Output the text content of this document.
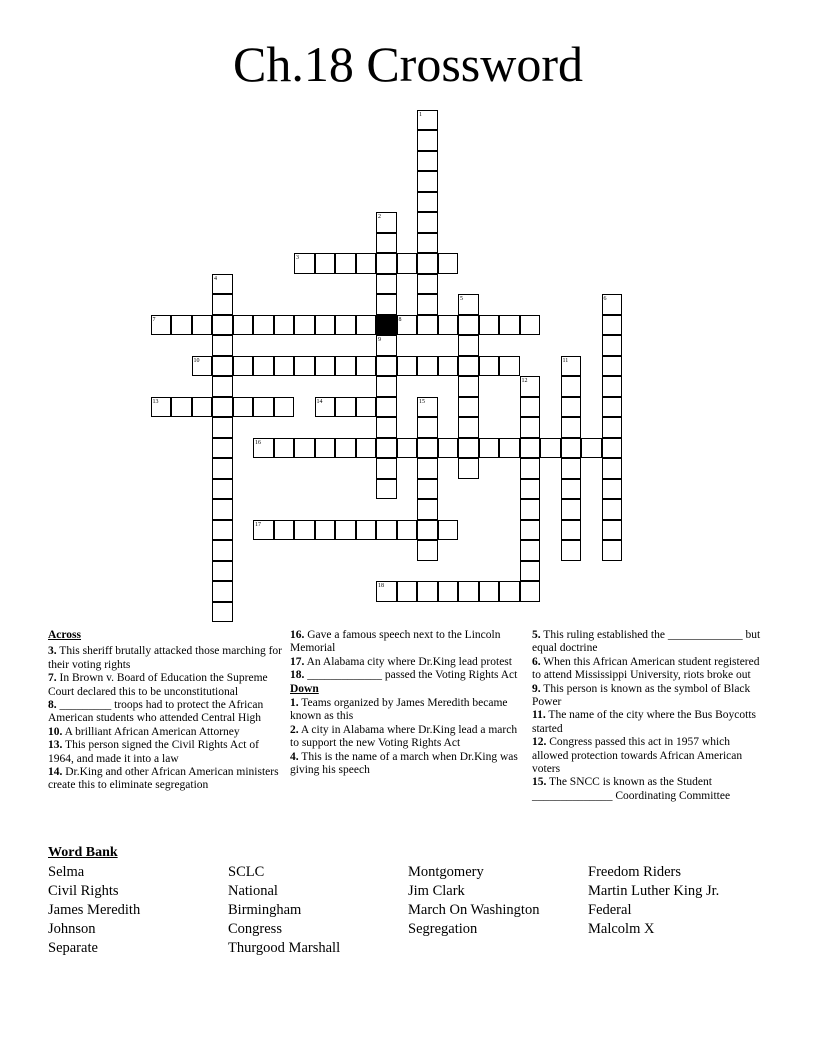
Ch.18 Crossword
1
2
3
4
5	6
7	8
9
10	11
12
13	14	15
16
17
18

Across

3. This sheriff brutally attacked those marching for their voting rights
7. In Brown v. Board of Education the Supreme Court declared this to be unconstitutional
8. _________ troops had to protect the African American students who attended Central High
10. A brilliant African American Attorney
13. This person signed the Civil Rights Act of 1964, and made it into a law
14. Dr.King and other African American ministers create this to eliminate segregation
16. Gave a famous speech next to the Lincoln Memorial
17. An Alabama city where Dr.King lead protest
18. _____________ passed the Voting Rights Act

Down

1. Teams organized by James Meredith became known as this
2. A city in Alabama where Dr.King lead a march to support the new Voting Rights Act
4. This is the name of a march when Dr.King was giving his speech
5. This ruling established the _____________ but equal doctrine
6. When this African American student registered to attend Mississippi University, riots broke out
9. This person is known as the symbol of Black Power
11. The name of the city where the Bus Boycotts started
12. Congress passed this act in 1957 which allowed protection towards African American voters
15. The SNCC is known as the Student ______________ Coordinating Committee
Word Bank
Selma
Civil Rights
James Meredith
Johnson
Separate
SCLC
National
Birmingham
Congress
Thurgood Marshall
Montgomery
Jim Clark
March On Washington
Segregation
Freedom Riders
Martin Luther King Jr.
Federal
Malcolm X
